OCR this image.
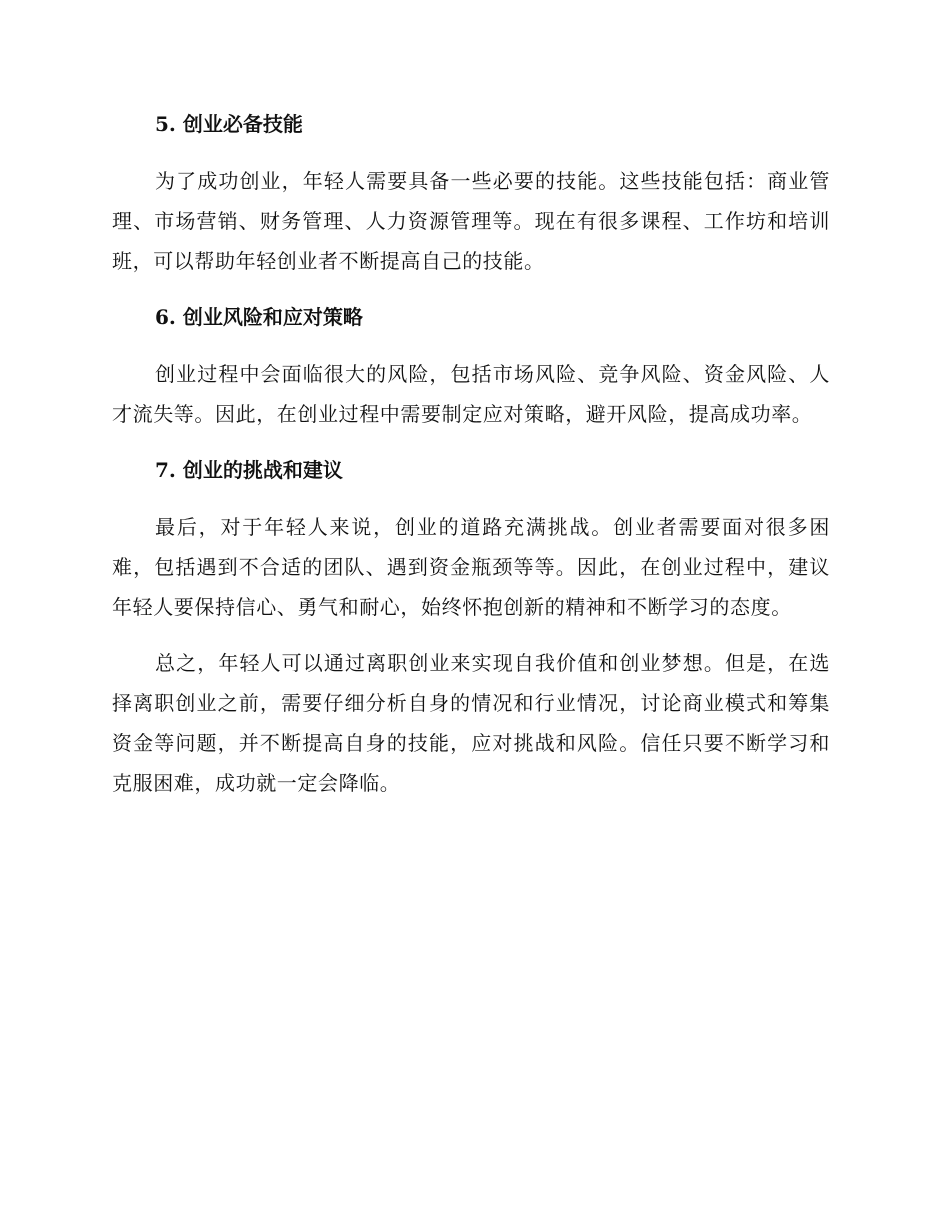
5. 创业必备技能

为了成功创业，年轻人需要具备一些必要的技能。这些技能包括：商业管理、市场营销、财务管理、人力资源管理等。现在有很多课程、工作坊和培训班，可以帮助年轻创业者不断提高自己的技能。

6. 创业风险和应对策略

创业过程中会面临很大的风险，包括市场风险、竞争风险、资金风险、人才流失等。因此，在创业过程中需要制定应对策略，避开风险，提高成功率。

7. 创业的挑战和建议

最后，对于年轻人来说，创业的道路充满挑战。创业者需要面对很多困难，包括遇到不合适的团队、遇到资金瓶颈等等。因此，在创业过程中，建议年轻人要保持信心、勇气和耐心，始终怀抱创新的精神和不断学习的态度。

总之，年轻人可以通过离职创业来实现自我价值和创业梦想。但是，在选择离职创业之前，需要仔细分析自身的情况和行业情况，讨论商业模式和筹集资金等问题，并不断提高自身的技能，应对挑战和风险。信任只要不断学习和克服困难，成功就一定会降临。
